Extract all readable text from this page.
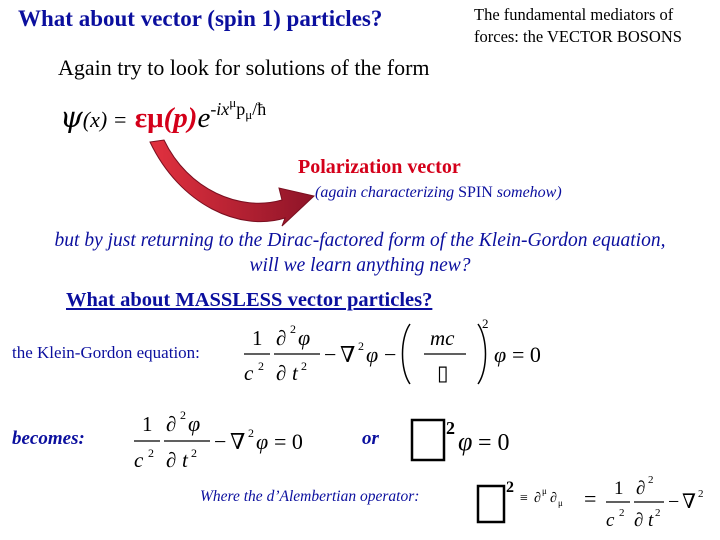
What about vector (spin 1) particles?	The fundamental mediators of
forces: the VECTOR BOSONS
Again try to look for solutions of the form
$\psi(x) = \varepsilon\mu(p)e^{-ix\mu p\mu/ħ}$
Polarization vector
(again characterizing SPIN somehow)
but by just returning to the Dirac-factored form of the Klein-Gordon equation,
will we learn anything new?
What about MASSLESS vector particles?
the Klein-Gordon equation:
1
c 2
∂ 2 φ
∂ t 2 − ∇ 2 φ −
mc
▯
2
φ = 0
becomes:
1
c 2
∂ 2 φ
∂ t 2 − ∇ 2 φ = 0	or	2 φ = 0
Where the d’Alembertian operator:
2
≡ ∂ μ ∂ μ = 1
c 2
∂ 2
∂ t 2 − ∇ 2
